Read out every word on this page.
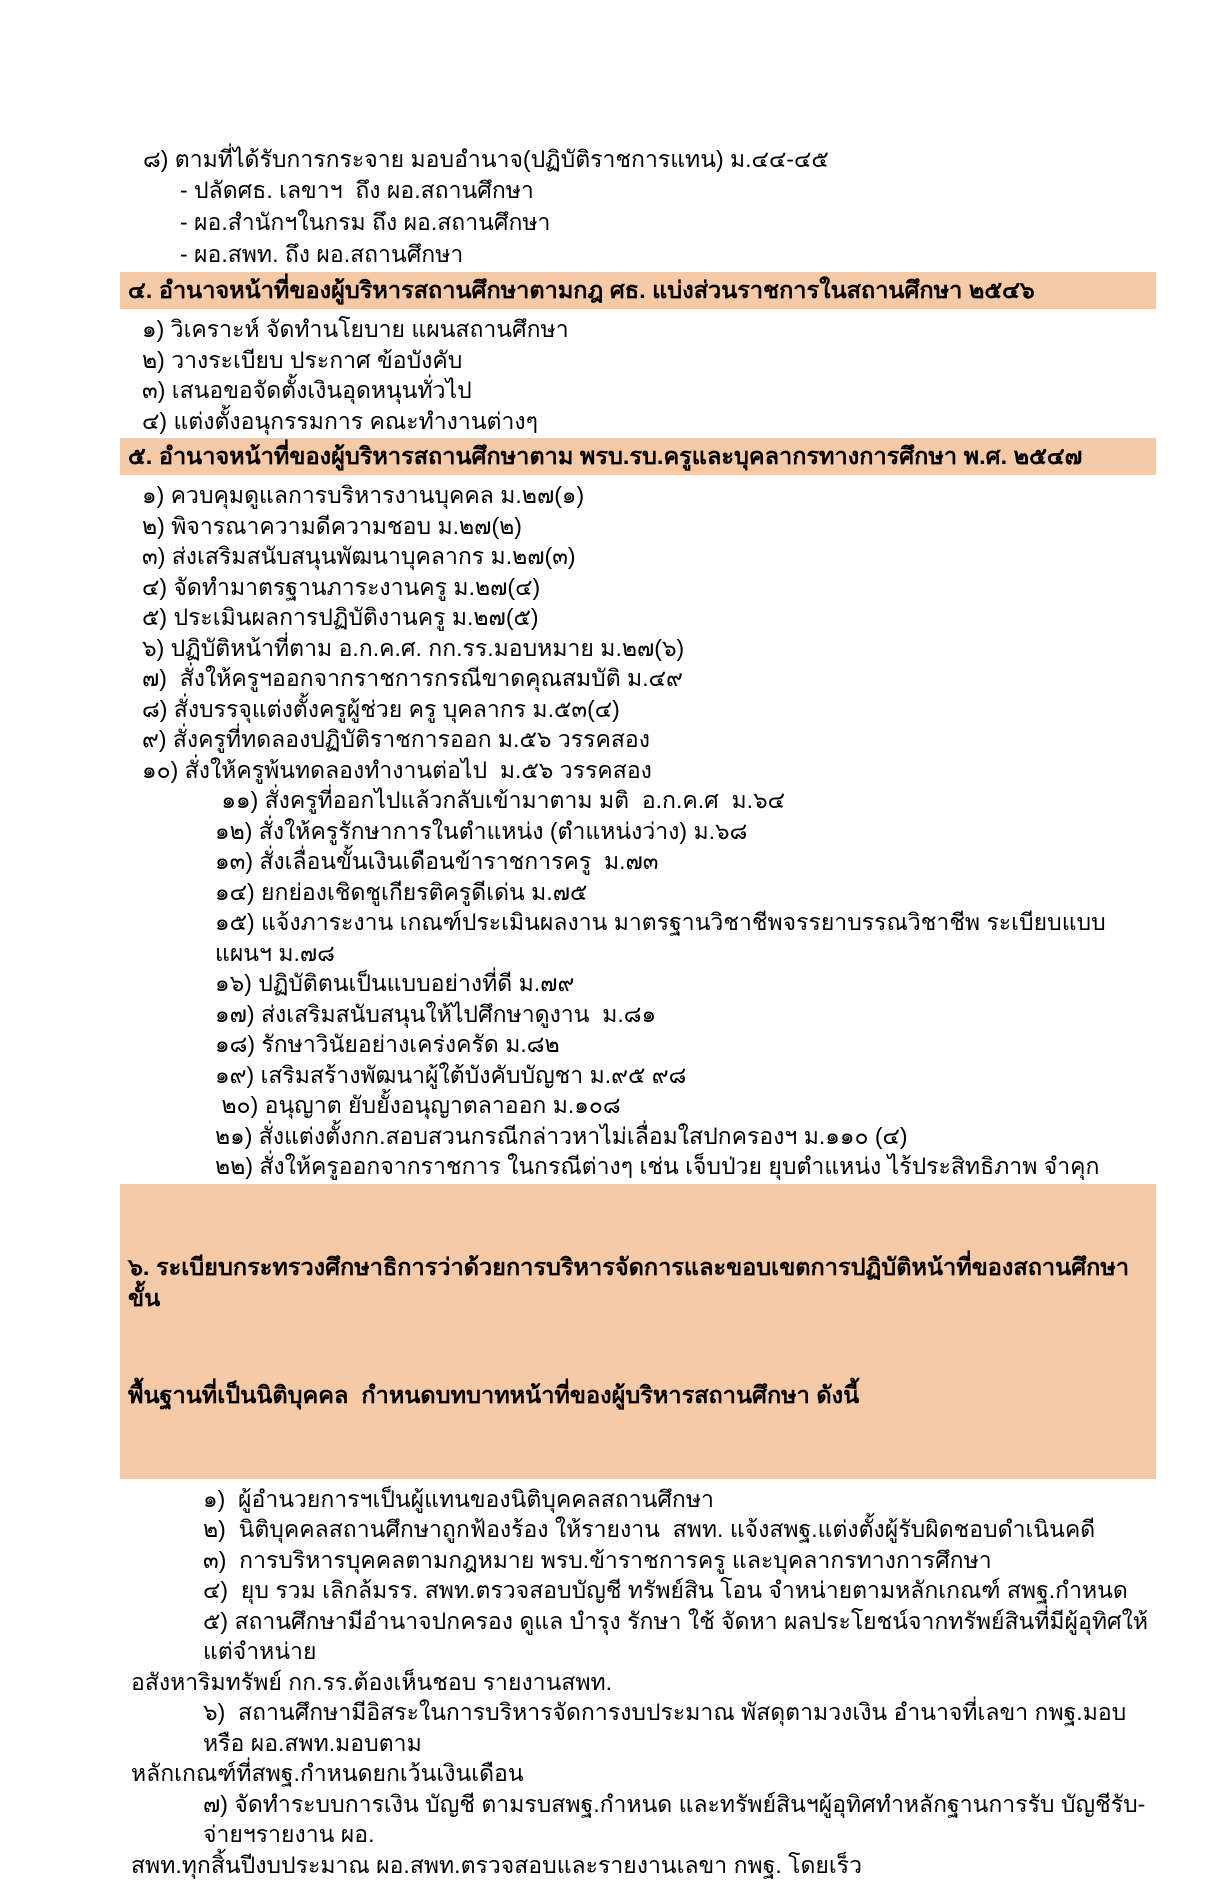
๘) ตามที่ได้รับการกระจาย มอบอำนาจ(ปฏิบัติราชการแทน) ม.๔๔-๔๕
- ปลัดศธ. เลขาฯ  ถึง ผอ.สถานศึกษา
- ผอ.สำนักฯในกรม ถึง ผอ.สถานศึกษา
- ผอ.สพท. ถึง ผอ.สถานศึกษา
๔. อำนาจหน้าที่ของผู้บริหารสถานศึกษาตามกฎ ศธ. แบ่งส่วนราชการในสถานศึกษา ๒๕๔๖
๑) วิเคราะห์ จัดทำนโยบาย แผนสถานศึกษา
๒) วางระเบียบ ประกาศ ข้อบังคับ
๓) เสนอขอจัดตั้งเงินอุดหนุนทั่วไป
๔) แต่งตั้งอนุกรรมการ คณะทำงานต่างๆ
๕. อำนาจหน้าที่ของผู้บริหารสถานศึกษาตาม พรบ.รบ.ครูและบุคลากรทางการศึกษา พ.ศ. ๒๕๔๗
๑) ควบคุมดูแลการบริหารงานบุคคล ม.๒๗(๑)
๒) พิจารณาความดีความชอบ ม.๒๗(๒)
๓) ส่งเสริมสนับสนุนพัฒนาบุคลากร ม.๒๗(๓)
๔) จัดทำมาตรฐานภาระงานครู ม.๒๗(๔)
๕) ประเมินผลการปฏิบัติงานครู ม.๒๗(๕)
๖) ปฏิบัติหน้าที่ตาม อ.ก.ค.ศ. กก.รร.มอบหมาย ม.๒๗(๖)
๗)  สั่งให้ครูฯออกจากราชการกรณีขาดคุณสมบัติ ม.๔๙
๘) สั่งบรรจุแต่งตั้งครูผู้ช่วย ครู บุคลากร ม.๕๓(๔)
๙) สั่งครูที่ทดลองปฏิบัติราชการออก ม.๕๖ วรรคสอง
๑๐) สั่งให้ครูพ้นทดลองทำงานต่อไป  ม.๕๖ วรรคสอง
๑๑) สั่งครูที่ออกไปแล้วกลับเข้ามาตาม มติ  อ.ก.ค.ศ  ม.๖๔
๑๒) สั่งให้ครูรักษาการในตำแหน่ง (ตำแหน่งว่าง) ม.๖๘
๑๓) สั่งเลื่อนขั้นเงินเดือนข้าราชการครู  ม.๗๓
๑๔) ยกย่องเชิดชูเกียรติครูดีเด่น ม.๗๕
๑๕) แจ้งภาระงาน เกณฑ์ประเมินผลงาน มาตรฐานวิชาชีพจรรยาบรรณวิชาชีพ ระเบียบแบบแผนฯ ม.๗๘
๑๖) ปฏิบัติตนเป็นแบบอย่างที่ดี ม.๗๙
๑๗) ส่งเสริมสนับสนุนให้ไปศึกษาดูงาน  ม.๘๑
๑๘) รักษาวินัยอย่างเคร่งครัด ม.๘๒
๑๙) เสริมสร้างพัฒนาผู้ใต้บังคับบัญชา ม.๙๕ ๙๘
๒๐) อนุญาต ยับยั้งอนุญาตลาออก ม.๑๐๘
๒๑) สั่งแต่งตั้งกก.สอบสวนกรณีกล่าวหาไม่เลื่อมใสปกครองฯ ม.๑๑๐ (๔)
๒๒) สั่งให้ครูออกจากราชการ ในกรณีต่างๆ เช่น เจ็บป่วย ยุบตำแหน่ง ไร้ประสิทธิภาพ จำคุก

๖. ระเบียบกระทรวงศึกษาธิการว่าด้วยการบริหารจัดการและขอบเขตการปฏิบัติหน้าที่ของสถานศึกษาขั้น

พื้นฐานที่เป็นนิติบุคคล  กำหนดบทบาทหน้าที่ของผู้บริหารสถานศึกษา ดังนี้

๑)  ผู้อำนวยการฯเป็นผู้แทนของนิติบุคคลสถานศึกษา
๒)  นิติบุคคลสถานศึกษาถูกฟ้องร้อง ให้รายงาน  สพท. แจ้งสพฐ.แต่งตั้งผู้รับผิดชอบดำเนินคดี
๓)  การบริหารบุคคลตามกฎหมาย พรบ.ข้าราชการครู และบุคลากรทางการศึกษา
๔)  ยุบ รวม เลิกล้มรร. สพท.ตรวจสอบบัญชี ทรัพย์สิน โอน จำหน่ายตามหลักเกณฑ์ สพฐ.กำหนด
๕) สถานศึกษามีอำนาจปกครอง ดูแล บำรุง รักษา ใช้ จัดหา ผลประโยชน์จากทรัพย์สินที่มีผู้อุทิศให้ แต่จำหน่าย
อสังหาริมทรัพย์ กก.รร.ต้องเห็นชอบ รายงานสพท.
๖)  สถานศึกษามีอิสระในการบริหารจัดการงบประมาณ พัสดุตามวงเงิน อำนาจที่เลขา กพฐ.มอบ หรือ ผอ.สพท.มอบตาม
หลักเกณฑ์ที่สพฐ.กำหนดยกเว้นเงินเดือน
๗) จัดทำระบบการเงิน บัญชี ตามรบสพฐ.กำหนด และทรัพย์สินฯผู้อุทิศทำหลักฐานการรับ บัญชีรับ-จ่ายฯรายงาน ผอ.
สพท.ทุกสิ้นปีงบประมาณ ผอ.สพท.ตรวจสอบและรายงานเลขา กพฐ. โดยเร็ว
